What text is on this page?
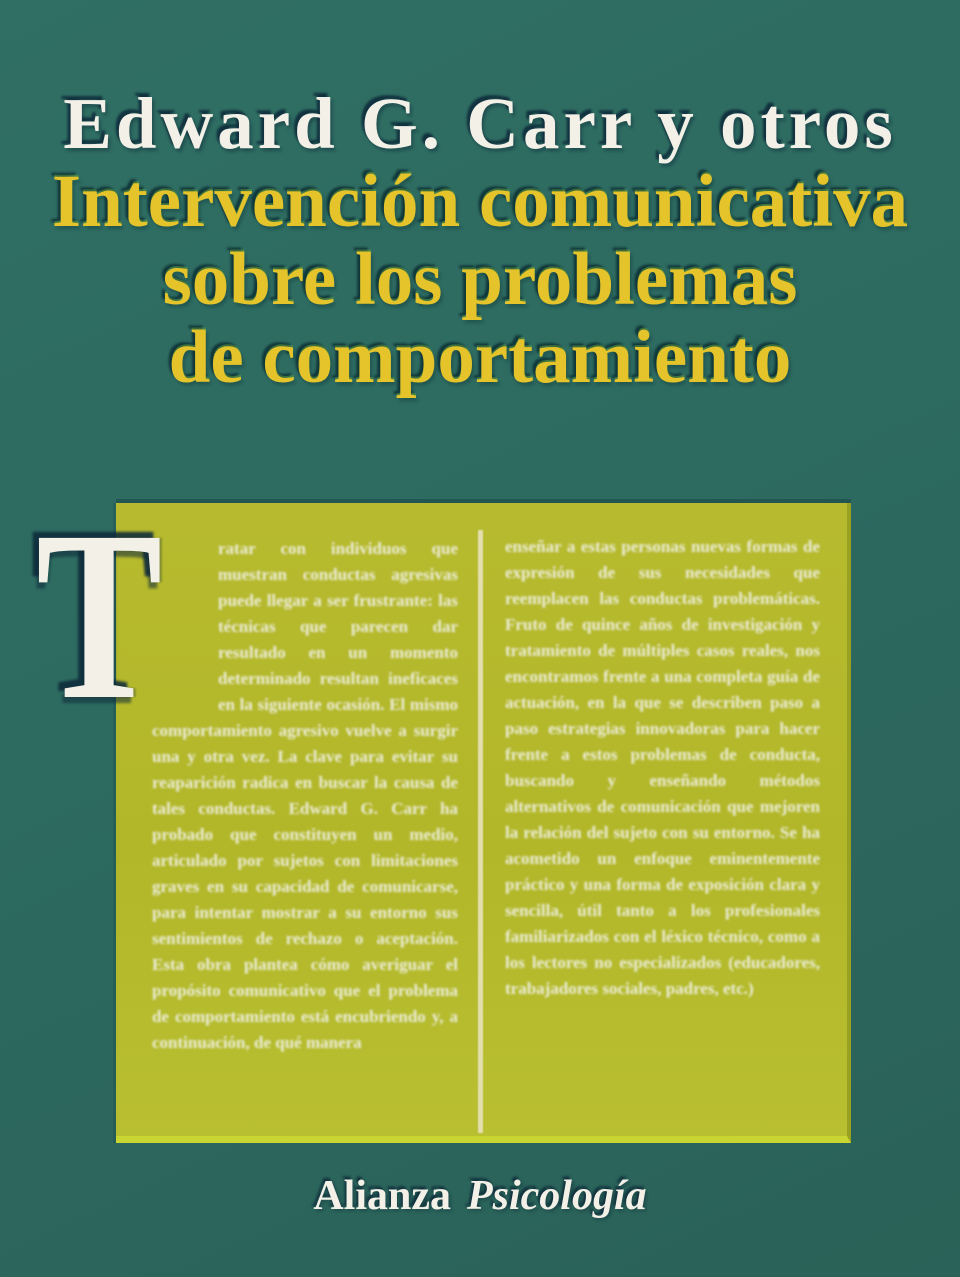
Edward G. Carr y otros
Intervención comunicativa
sobre los problemas
de comportamiento

ratar con individuos que muestran conductas agresivas puede llegar a ser frustrante: las técnicas que parecen dar resultado en un momento determinado resultan ineficaces en la siguiente ocasión. El mismo comportamiento agresivo vuelve a surgir una y otra vez. La clave para evitar su reaparición radica en buscar la causa de tales conductas. Edward G. Carr ha probado que constituyen un medio, articulado por sujetos con limitaciones graves en su capacidad de comunicarse, para intentar mostrar a su entorno sus sentimientos de rechazo o aceptación. Esta obra plantea cómo averiguar el propósito comunicativo que el problema de comportamiento está encubriendo y, a continuación, de qué manera

enseñar a estas personas nuevas formas de expresión de sus necesidades que reemplacen las conductas problemáticas. Fruto de quince años de investigación y tratamiento de múltiples casos reales, nos encontramos frente a una completa guía de actuación, en la que se describen paso a paso estrategias innovadoras para hacer frente a estos problemas de conducta, buscando y enseñando métodos alternativos de comunicación que mejoren la relación del sujeto con su entorno. Se ha acometido un enfoque eminentemente práctico y una forma de exposición clara y sencilla, útil tanto a los profesionales familiarizados con el léxico técnico, como a los lectores no especializados (educadores, trabajadores sociales, padres, etc.)

T
Alianza Psicología
